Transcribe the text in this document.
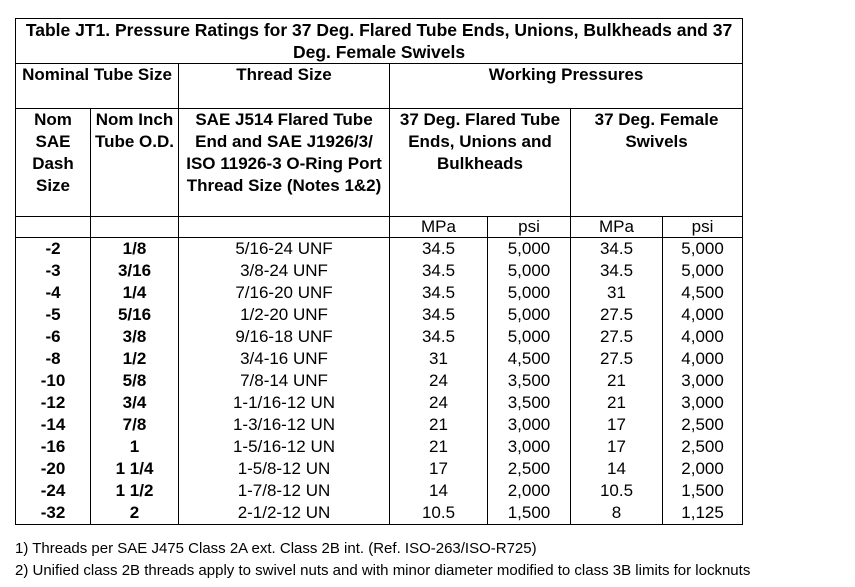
Table JT1. Pressure Ratings for 37 Deg. Flared Tube Ends, Unions, Bulkheads and 37 Deg. Female Swivels						
Nominal Tube Size		Thread Size	Working Pressures			
Nom SAE Dash Size	Nom Inch Tube O.D.	SAE J514 Flared Tube End and SAE J1926/3/ ISO 11926-3 O-Ring Port Thread Size (Notes 1&2)	37 Deg. Flared Tube Ends, Unions and Bulkheads		37 Deg. Female Swivels	
			MPa	psi	MPa	psi
-2	1/8	5/16-24 UNF	34.5	5,000	34.5	5,000
-3	3/16	3/8-24 UNF	34.5	5,000	34.5	5,000
-4	1/4	7/16-20 UNF	34.5	5,000	31	4,500
-5	5/16	1/2-20 UNF	34.5	5,000	27.5	4,000
-6	3/8	9/16-18 UNF	34.5	5,000	27.5	4,000
-8	1/2	3/4-16 UNF	31	4,500	27.5	4,000
-10	5/8	7/8-14 UNF	24	3,500	21	3,000
-12	3/4	1-1/16-12 UN	24	3,500	21	3,000
-14	7/8	1-3/16-12 UN	21	3,000	17	2,500
-16	1	1-5/16-12 UN	21	3,000	17	2,500
-20	1 1/4	1-5/8-12 UN	17	2,500	14	2,000
-24	1 1/2	1-7/8-12 UN	14	2,000	10.5	1,500
-32	2	2-1/2-12 UN	10.5	1,500	8	1,125
1) Threads per SAE J475 Class 2A ext. Class 2B int. (Ref. ISO-263/ISO-R725)
2) Unified class 2B threads apply to swivel nuts and with minor diameter modified to class 3B limits for locknuts
